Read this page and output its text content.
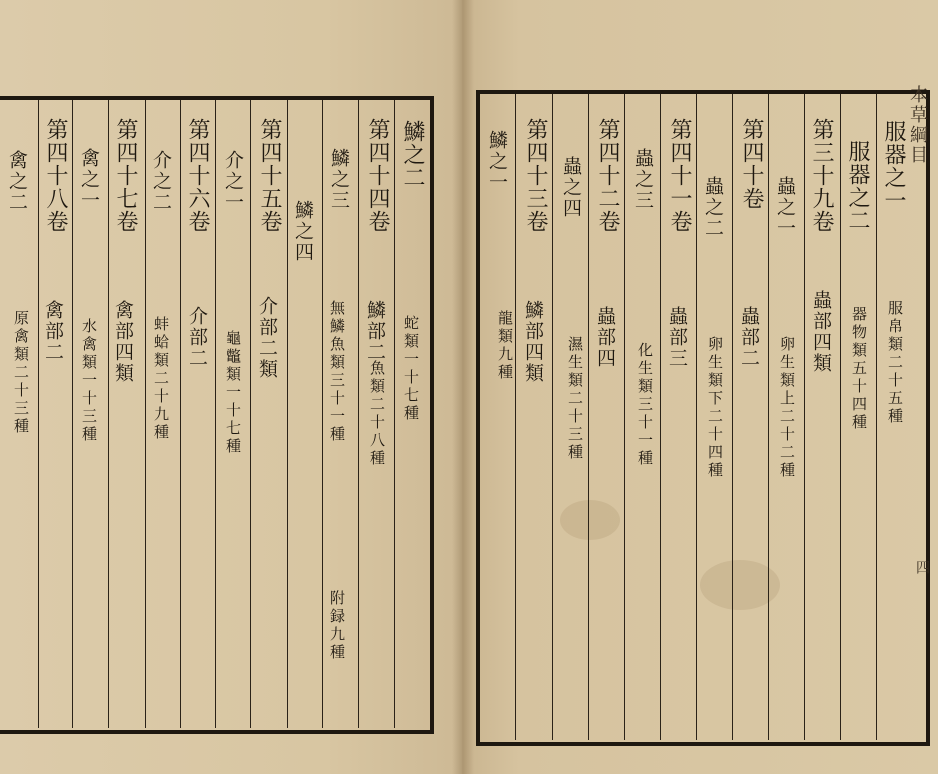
鱗之二
蛇類一十七種
第四十四卷
鱗之三
鱗部二
魚類二十八種
鱗之四
無鱗魚類三十一種
附録九種
第四十五卷
介之一
介部二類
龜鼈類一十七種
第四十六卷
介之二
介部二
蚌蛤類二十九種
第四十七卷
禽之一
禽部四類
水禽類一十三種
第四十八卷
禽之二
禽部二
原禽類二十三種
本草綱目
服器之一
服帛類二十五種
服器之二
器物類五十四種
第三十九卷
蟲之一
蟲部四類
卵生類上二十二種
第四十卷
蟲之二
蟲部二
卵生類下二十四種
第四十一卷
蟲之三
蟲部三
化生類三十一種
第四十二卷
蟲之四
蟲部四
濕生類二十三種
第四十三卷
鱗之一
鱗部四類
龍類九種
四
